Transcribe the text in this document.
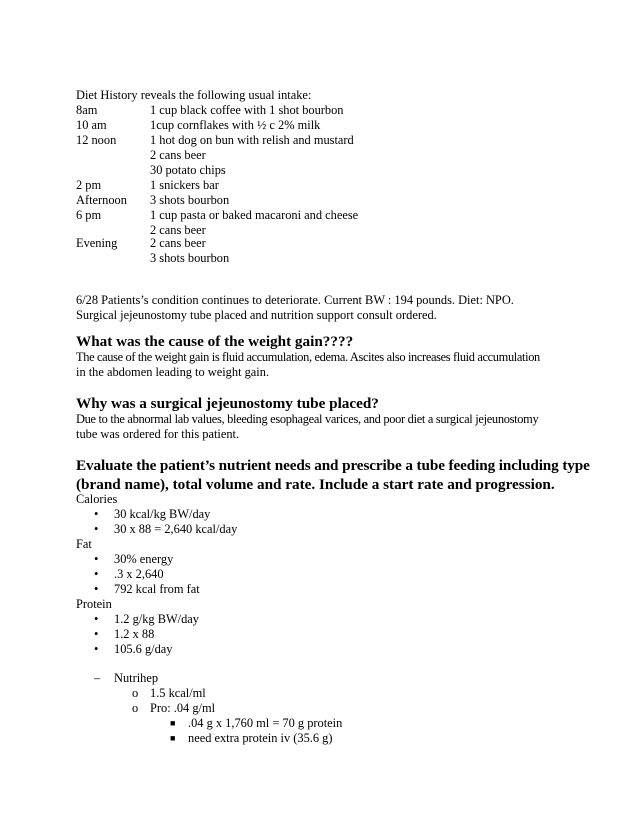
Diet History reveals the following usual intake:
8am	1 cup black coffee with 1 shot bourbon
10 am	1cup cornflakes with ½ c 2% milk
12 noon	1 hot dog on bun with relish and mustard
2 cans beer
30 potato chips
2 pm	1 snickers bar
Afternoon 3 shots bourbon
6 pm	1 cup pasta or baked macaroni and cheese
2 cans beer
Evening	2 cans beer
3 shots bourbon
6/28 Patients’s condition continues to deteriorate. Current BW : 194 pounds. Diet: NPO.
Surgical jejeunostomy tube placed and nutrition support consult ordered.
What was the cause of the weight gain????
The cause of the weight gain is fluid accumulation, edema. Ascites also increases fluid accumulation
in the abdomen leading to weight gain.
Why was a surgical jejeunostomy tube placed?
Due to the abnormal lab values, bleeding esophageal varices, and poor diet a surgical jejeunostomy
tube was ordered for this patient.
Evaluate the patient’s nutrient needs and prescribe a tube feeding including type
(brand name), total volume and rate. Include a start rate and progression.
Calories
• 30 kcal/kg BW/day
• 30 x 88 = 2,640 kcal/day
Fat
• 30% energy
• .3 x 2,640
• 792 kcal from fat
Protein
• 1.2 g/kg BW/day
• 1.2 x 88
• 105.6 g/day
– Nutrihep
o 1.5 kcal/ml
o Pro: .04 g/ml
■ .04 g x 1,760 ml = 70 g protein
■ need extra protein iv (35.6 g)
